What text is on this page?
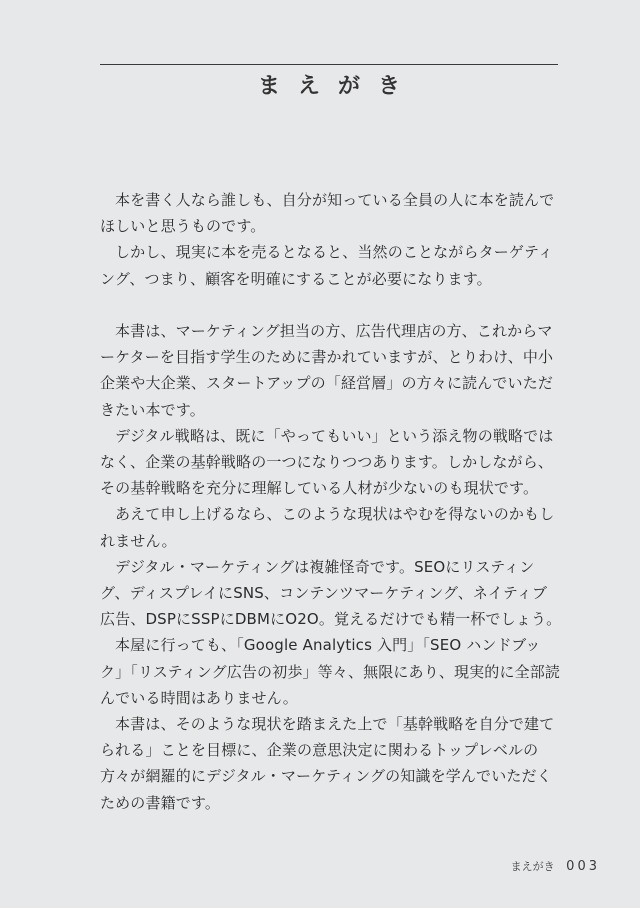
まえがき

本を書く人なら誰しも、自分が知っている全員の人に本を読んでほしいと思うものです。

しかし、現実に本を売るとなると、当然のことながらターゲティング、つまり、顧客を明確にすることが必要になります。

本書は、マーケティング担当の方、広告代理店の方、これからマーケターを目指す学生のために書かれていますが、とりわけ、中小企業や大企業、スタートアップの「経営層」の方々に読んでいただきたい本です。

デジタル戦略は、既に「やってもいい」という添え物の戦略ではなく、企業の基幹戦略の一つになりつつあります。しかしながら、その基幹戦略を充分に理解している人材が少ないのも現状です。

あえて申し上げるなら、このような現状はやむを得ないのかもしれません。

デジタル・マーケティングは複雑怪奇です。SEOにリスティング、ディスプレイにSNS、コンテンツマーケティング、ネイティブ広告、DSPにSSPにDBMにO2O。覚えるだけでも精一杯でしょう。

本屋に行っても、「Google Analytics 入門」「SEO ハンドブック」「リスティング広告の初歩」等々、無限にあり、現実的に全部読んでいる時間はありません。

本書は、そのような現状を踏まえた上で「基幹戦略を自分で建てられる」ことを目標に、企業の意思決定に関わるトップレベルの方々が網羅的にデジタル・マーケティングの知識を学んでいただくための書籍です。

まえがき 003
